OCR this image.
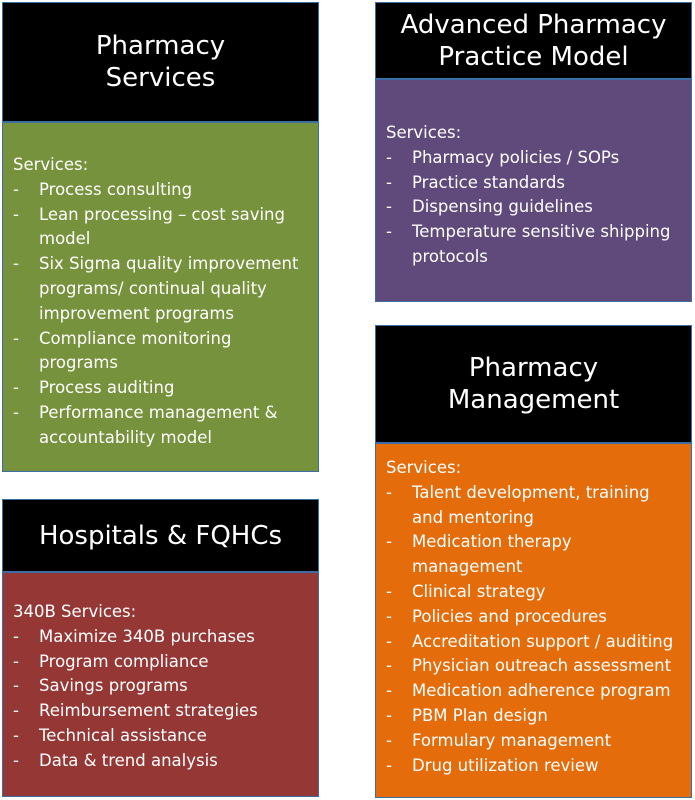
Pharmacy
Services
Services:
- Process consulting
- Lean processing – cost saving model
- Six Sigma quality improvement programs/ continual quality improvement programs
- Compliance monitoring programs
- Process auditing
- Performance management & accountability model
Hospitals & FQHCs
340B Services:
- Maximize 340B purchases
- Program compliance
- Savings programs
- Reimbursement strategies
- Technical assistance
- Data & trend analysis
Advanced Pharmacy
Practice Model
Services:
- Pharmacy policies / SOPs
- Practice standards
- Dispensing guidelines
- Temperature sensitive shipping protocols
Pharmacy
Management
Services:
- Talent development, training and mentoring
- Medication therapy management
- Clinical strategy
- Policies and procedures
- Accreditation support / auditing
- Physician outreach assessment
- Medication adherence program
- PBM Plan design
- Formulary management
- Drug utilization review
